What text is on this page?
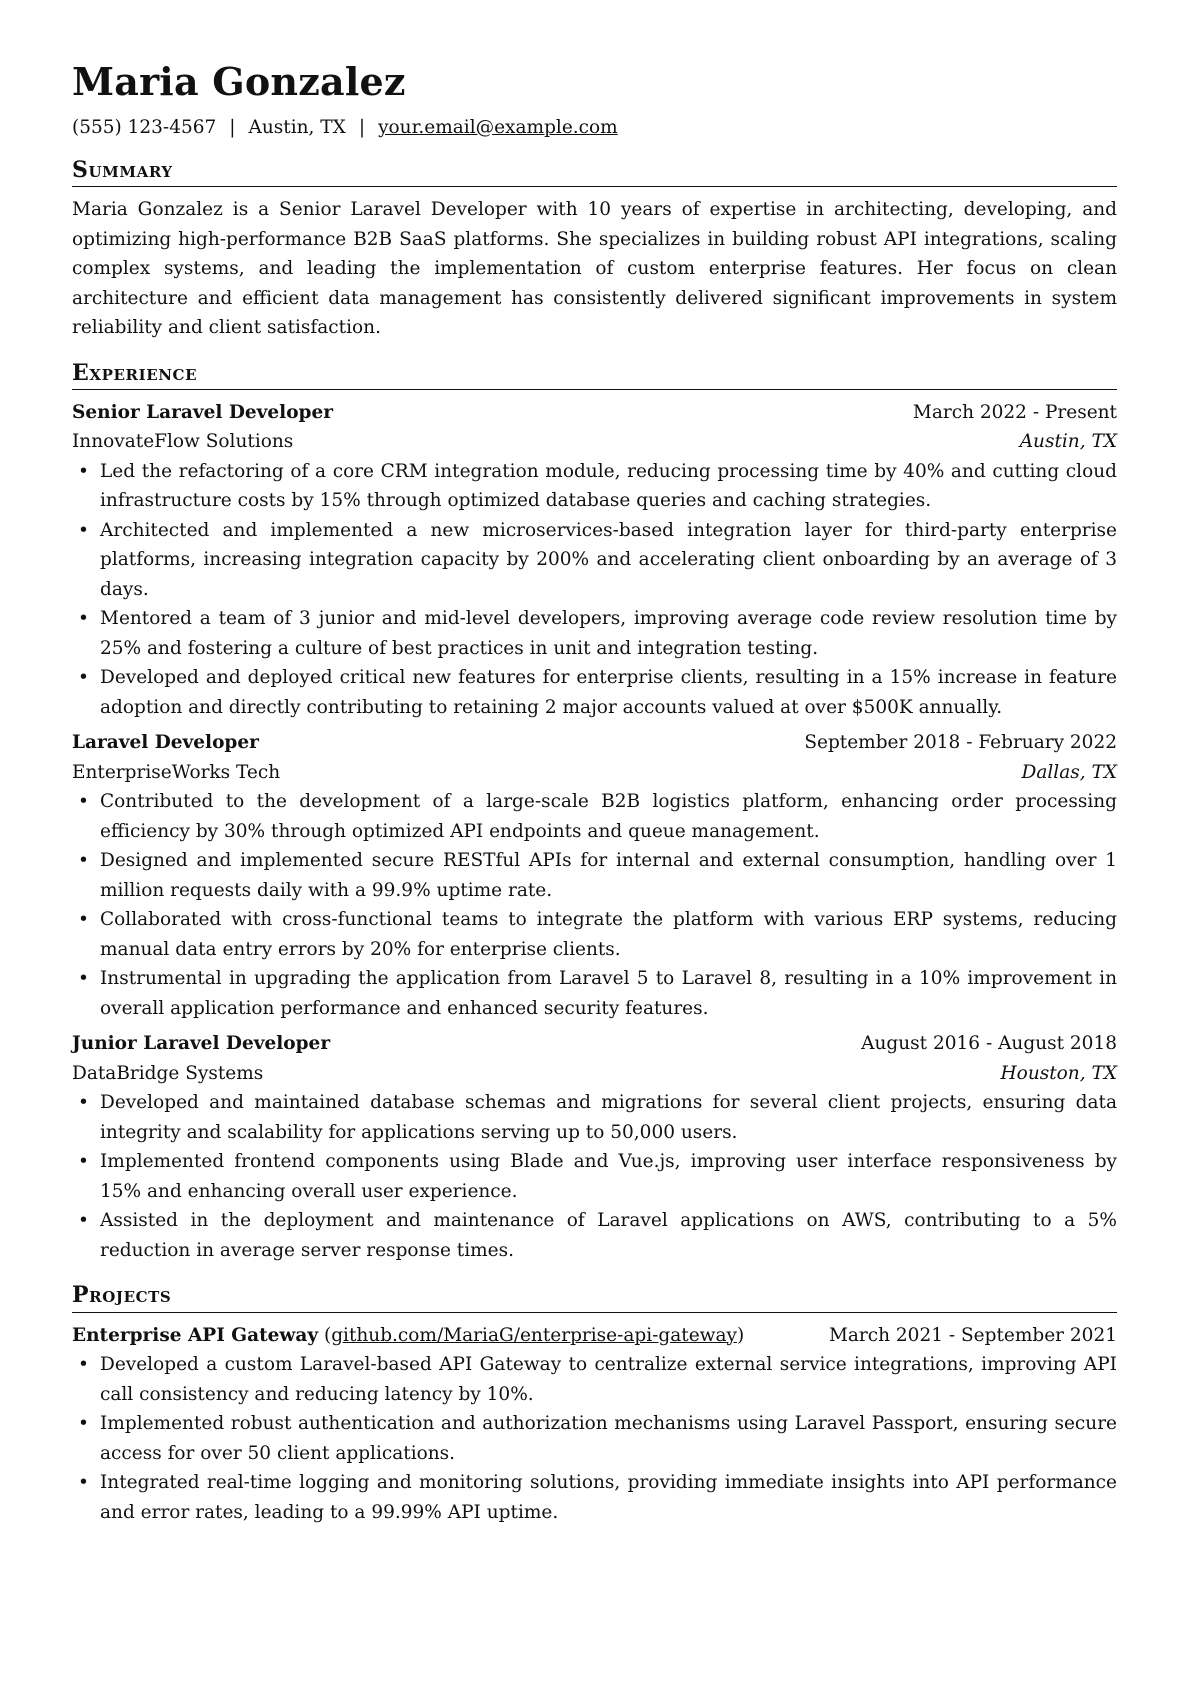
Maria Gonzalez
(555) 123-4567 | Austin, TX | your.email@example.com
Summary

Maria Gonzalez is a Senior Laravel Developer with 10 years of expertise in architecting, developing, and optimizing high-performance B2B SaaS platforms. She specializes in building robust API integrations, scaling complex systems, and leading the implementation of custom enterprise features. Her focus on clean architecture and efficient data management has consistently delivered significant improvements in system reliability and client satisfaction.

Experience
Senior Laravel Developer	March 2022 - Present
InnovateFlow Solutions	Austin, TX
• Led the refactoring of a core CRM integration module, reducing processing time by 40% and cutting cloud infrastructure costs by 15% through optimized database queries and caching strategies.
• Architected and implemented a new microservices-based integration layer for third-party enterprise platforms, increasing integration capacity by 200% and accelerating client onboarding by an average of 3 days.
• Mentored a team of 3 junior and mid-level developers, improving average code review resolution time by 25% and fostering a culture of best practices in unit and integration testing.
• Developed and deployed critical new features for enterprise clients, resulting in a 15% increase in feature adoption and directly contributing to retaining 2 major accounts valued at over $500K annually.
Laravel Developer	September 2018 - February 2022
EnterpriseWorks Tech	Dallas, TX
• Contributed to the development of a large-scale B2B logistics platform, enhancing order processing efficiency by 30% through optimized API endpoints and queue management.
• Designed and implemented secure RESTful APIs for internal and external consumption, handling over 1 million requests daily with a 99.9% uptime rate.
• Collaborated with cross-functional teams to integrate the platform with various ERP systems, reducing manual data entry errors by 20% for enterprise clients.
• Instrumental in upgrading the application from Laravel 5 to Laravel 8, resulting in a 10% improvement in overall application performance and enhanced security features.
Junior Laravel Developer	August 2016 - August 2018
DataBridge Systems	Houston, TX
• Developed and maintained database schemas and migrations for several client projects, ensuring data integrity and scalability for applications serving up to 50,000 users.
• Implemented frontend components using Blade and Vue.js, improving user interface responsiveness by 15% and enhancing overall user experience.
• Assisted in the deployment and maintenance of Laravel applications on AWS, contributing to a 5% reduction in average server response times.
Projects
Enterprise API Gateway (github.com/MariaG/enterprise-api-gateway)	March 2021 - September 2021
• Developed a custom Laravel-based API Gateway to centralize external service integrations, improving API call consistency and reducing latency by 10%.
• Implemented robust authentication and authorization mechanisms using Laravel Passport, ensuring secure access for over 50 client applications.
• Integrated real-time logging and monitoring solutions, providing immediate insights into API performance and error rates, leading to a 99.99% API uptime.
